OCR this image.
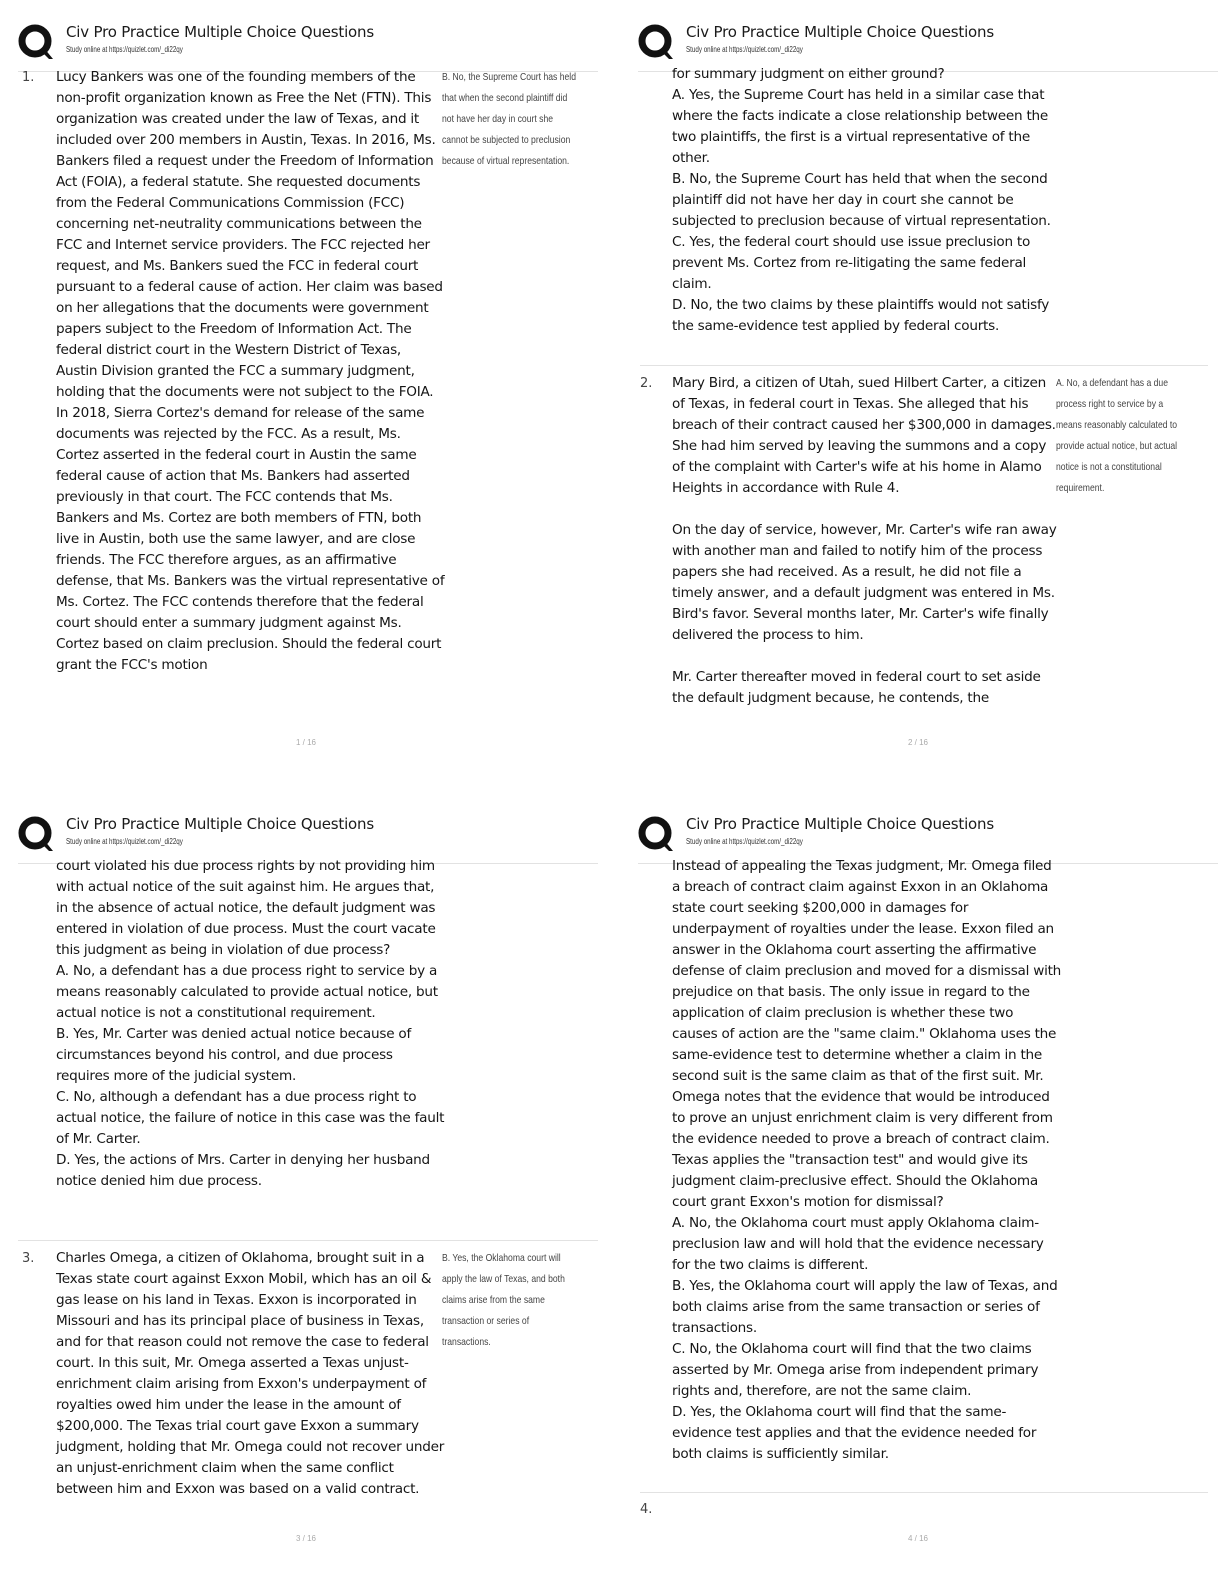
Civ Pro Practice Multiple Choice Questions
Study online at https://quizlet.com/_di22qy
1. Lucy Bankers was one of the founding members of the non-profit organization known as Free the Net (FTN). This organization was created under the law of Texas, and it included over 200 members in Austin, Texas. In 2016, Ms. Bankers filed a request under the Freedom of Information Act (FOIA), a federal statute. She requested documents from the Federal Communications Commission (FCC) concerning net-neutrality communications between the FCC and Internet service providers. The FCC rejected her request, and Ms. Bankers sued the FCC in federal court pursuant to a federal cause of action. Her claim was based on her allegations that the documents were government papers subject to the Freedom of Information Act. The federal district court in the Western District of Texas, Austin Division granted the FCC a summary judgment, holding that the documents were not subject to the FOIA.
In 2018, Sierra Cortez's demand for release of the same documents was rejected by the FCC. As a result, Ms. Cortez asserted in the federal court in Austin the same federal cause of action that Ms. Bankers had asserted previously in that court. The FCC contends that Ms. Bankers and Ms. Cortez are both members of FTN, both live in Austin, both use the same lawyer, and are close friends. The FCC therefore argues, as an affirmative defense, that Ms. Bankers was the virtual representative of Ms. Cortez. The FCC contends therefore that the federal court should enter a summary judgment against Ms. Cortez based on claim preclusion. Should the federal court grant the FCC's motion
B. No, the Supreme Court has held that when the second plaintiff did not have her day in court she cannot be subjected to preclusion because of virtual representation.
1 / 16
Civ Pro Practice Multiple Choice Questions
Study online at https://quizlet.com/_di22qy
for summary judgment on either ground?
A. Yes, the Supreme Court has held in a similar case that where the facts indicate a close relationship between the two plaintiffs, the first is a virtual representative of the other.
B. No, the Supreme Court has held that when the second plaintiff did not have her day in court she cannot be subjected to preclusion because of virtual representation.
C. Yes, the federal court should use issue preclusion to prevent Ms. Cortez from re-litigating the same federal claim.
D. No, the two claims by these plaintiffs would not satisfy the same-evidence test applied by federal courts.
2. Mary Bird, a citizen of Utah, sued Hilbert Carter, a citizen of Texas, in federal court in Texas. She alleged that his breach of their contract caused her $300,000 in damages. She had him served by leaving the summons and a copy of the complaint with Carter's wife at his home in Alamo Heights in accordance with Rule 4.
On the day of service, however, Mr. Carter's wife ran away with another man and failed to notify him of the process papers she had received. As a result, he did not file a timely answer, and a default judgment was entered in Ms. Bird's favor. Several months later, Mr. Carter's wife finally delivered the process to him.
Mr. Carter thereafter moved in federal court to set aside the default judgment because, he contends, the
A. No, a defendant has a due process right to service by a means reasonably calculated to provide actual notice, but actual notice is not a constitutional requirement.
2 / 16
Civ Pro Practice Multiple Choice Questions
Study online at https://quizlet.com/_di22qy
court violated his due process rights by not providing him with actual notice of the suit against him. He argues that, in the absence of actual notice, the default judgment was entered in violation of due process. Must the court vacate this judgment as being in violation of due process?
A. No, a defendant has a due process right to service by a means reasonably calculated to provide actual notice, but actual notice is not a constitutional requirement.
B. Yes, Mr. Carter was denied actual notice because of circumstances beyond his control, and due process requires more of the judicial system.
C. No, although a defendant has a due process right to actual notice, the failure of notice in this case was the fault of Mr. Carter.
D. Yes, the actions of Mrs. Carter in denying her husband notice denied him due process.
3. Charles Omega, a citizen of Oklahoma, brought suit in a Texas state court against Exxon Mobil, which has an oil & gas lease on his land in Texas. Exxon is incorporated in Missouri and has its principal place of business in Texas, and for that reason could not remove the case to federal court. In this suit, Mr. Omega asserted a Texas unjust-enrichment claim arising from Exxon's underpayment of royalties owed him under the lease in the amount of $200,000. The Texas trial court gave Exxon a summary judgment, holding that Mr. Omega could not recover under an unjust-enrichment claim when the same conflict between him and Exxon was based on a valid contract.
B. Yes, the Oklahoma court will apply the law of Texas, and both claims arise from the same transaction or series of transactions.
3 / 16
Civ Pro Practice Multiple Choice Questions
Study online at https://quizlet.com/_di22qy
Instead of appealing the Texas judgment, Mr. Omega filed a breach of contract claim against Exxon in an Oklahoma state court seeking $200,000 in damages for underpayment of royalties under the lease. Exxon filed an answer in the Oklahoma court asserting the affirmative defense of claim preclusion and moved for a dismissal with prejudice on that basis. The only issue in regard to the application of claim preclusion is whether these two causes of action are the "same claim." Oklahoma uses the same-evidence test to determine whether a claim in the second suit is the same claim as that of the first suit. Mr. Omega notes that the evidence that would be introduced to prove an unjust enrichment claim is very different from the evidence needed to prove a breach of contract claim. Texas applies the "transaction test" and would give its judgment claim-preclusive effect. Should the Oklahoma court grant Exxon's motion for dismissal?
A. No, the Oklahoma court must apply Oklahoma claim-preclusion law and will hold that the evidence necessary for the two claims is different.
B. Yes, the Oklahoma court will apply the law of Texas, and both claims arise from the same transaction or series of transactions.
C. No, the Oklahoma court will find that the two claims asserted by Mr. Omega arise from independent primary rights and, therefore, are not the same claim.
D. Yes, the Oklahoma court will find that the same-evidence test applies and that the evidence needed for both claims is sufficiently similar.
4.
4 / 16
